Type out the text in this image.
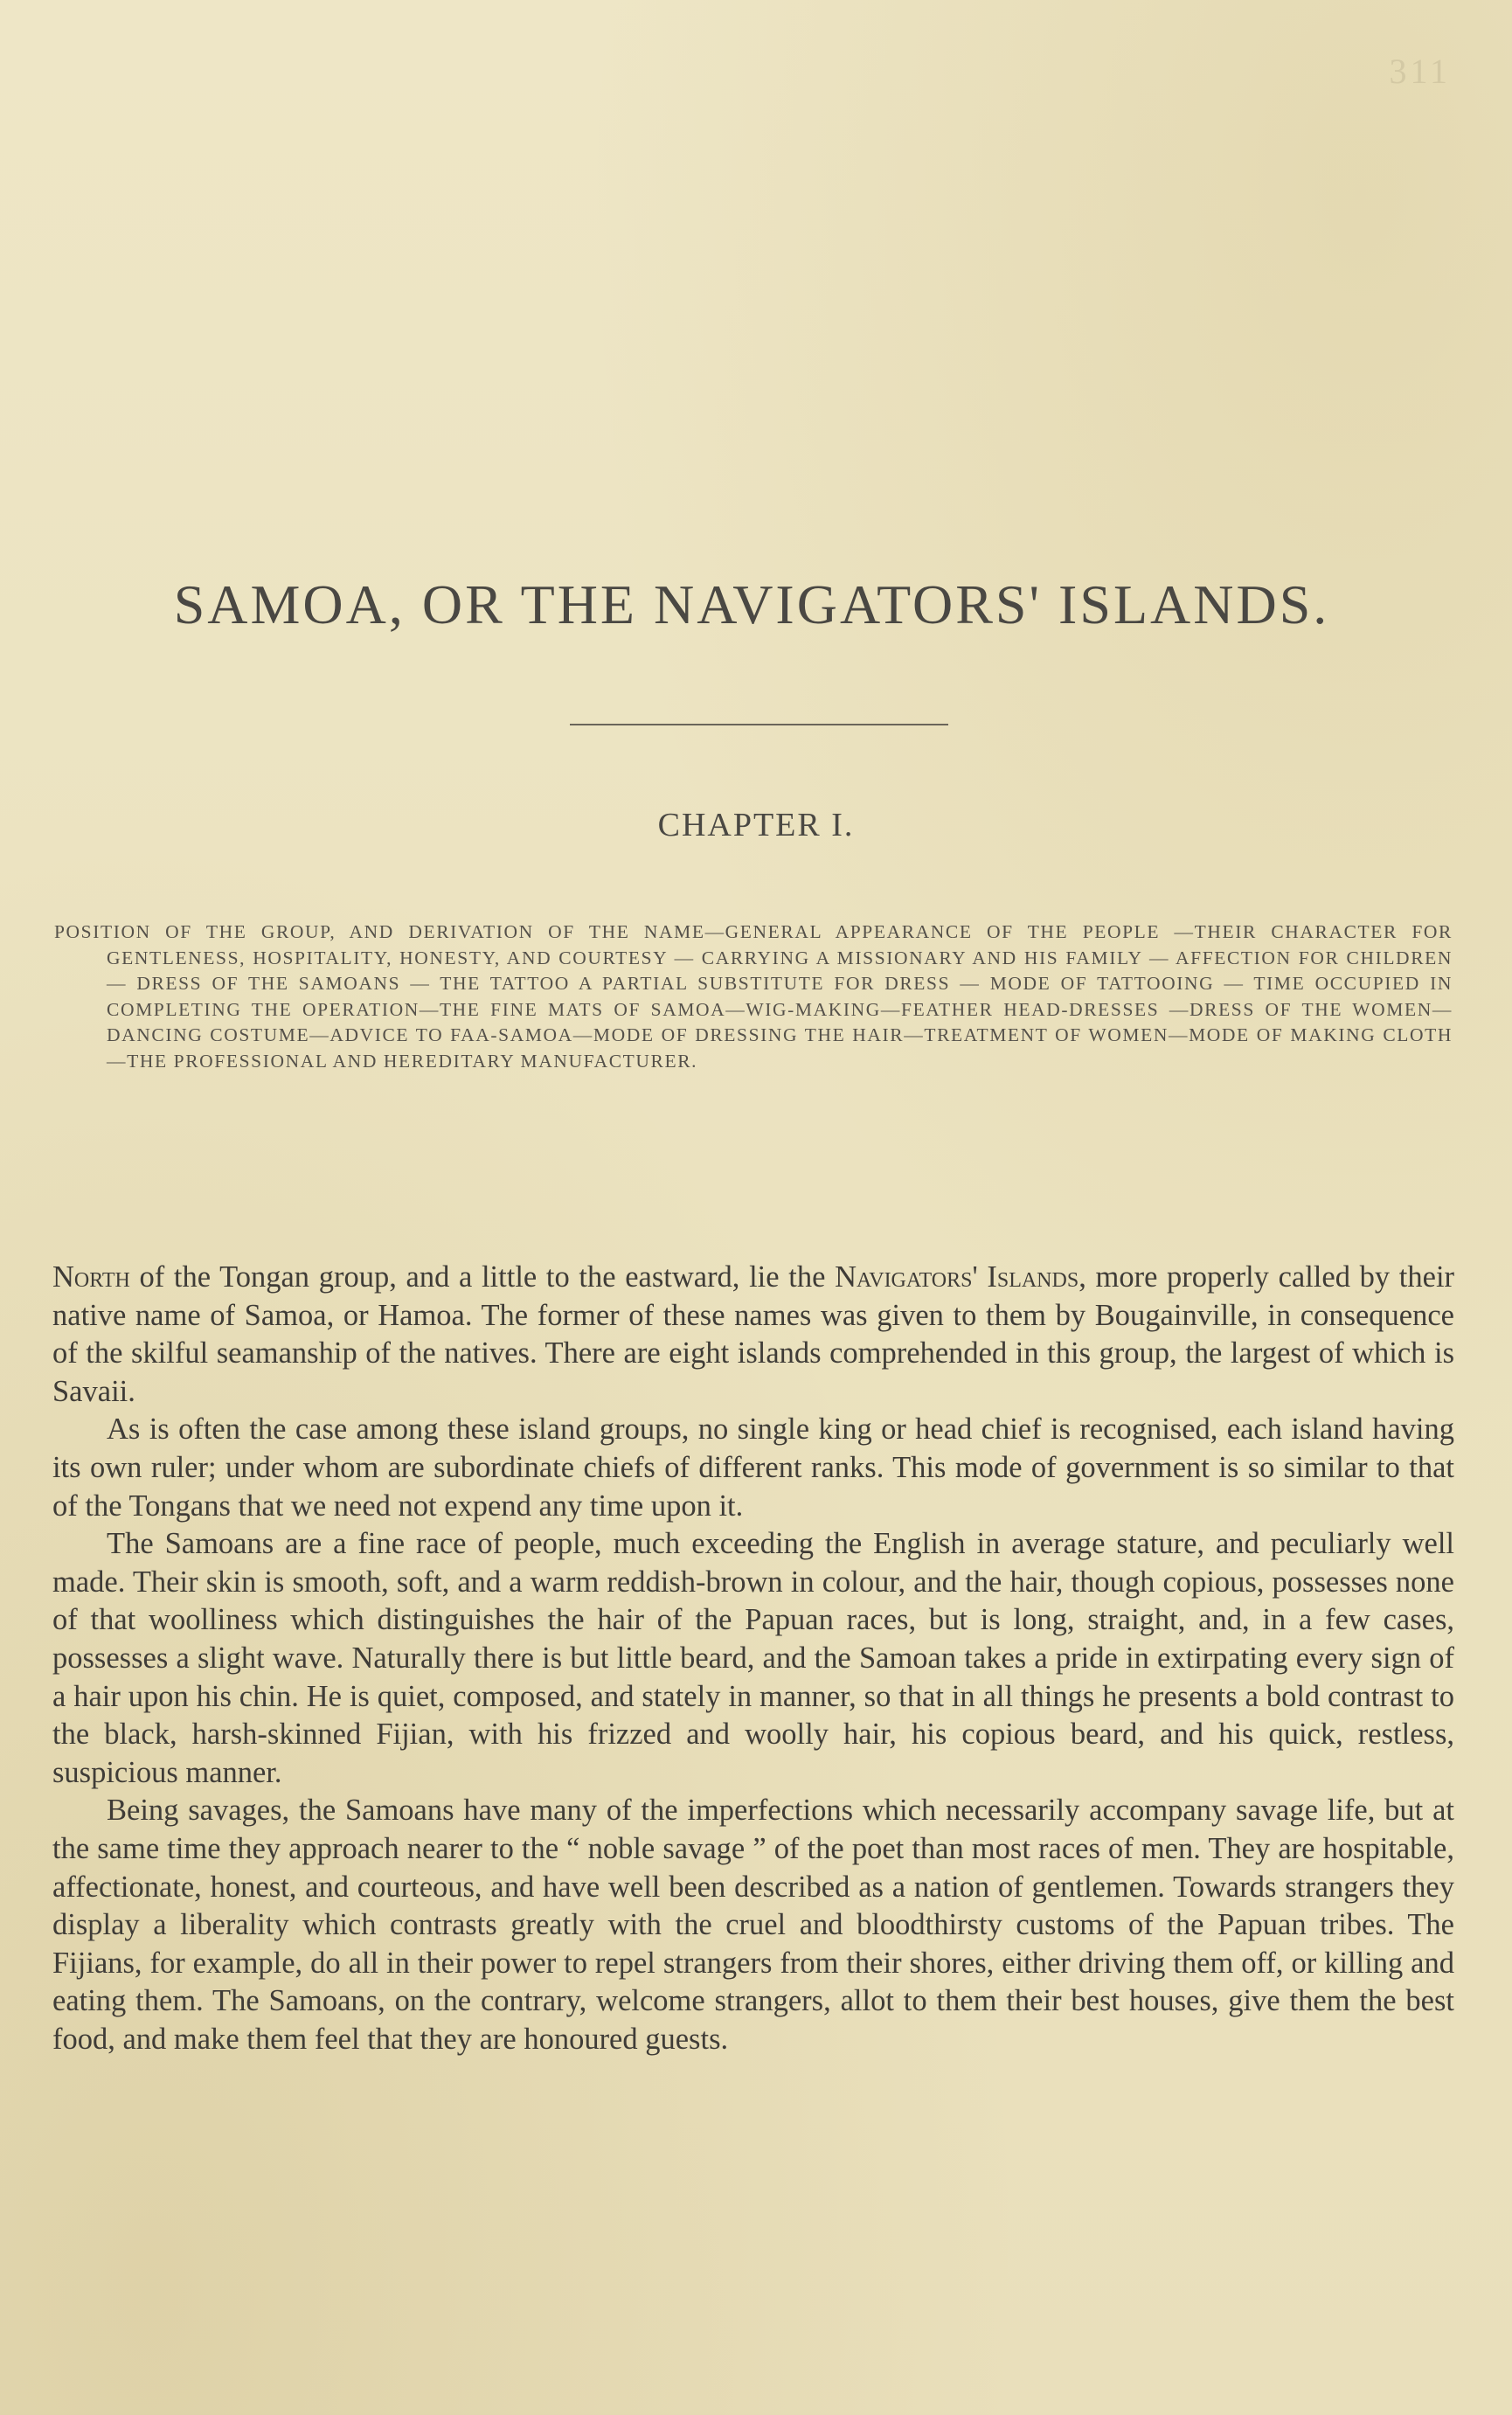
311
SAMOA, OR THE NAVIGATORS' ISLANDS.
CHAPTER I.
POSITION OF THE GROUP, AND DERIVATION OF THE NAME—GENERAL APPEARANCE OF THE PEOPLE —THEIR CHARACTER FOR GENTLENESS, HOSPITALITY, HONESTY, AND COURTESY — CARRYING A MISSIONARY AND HIS FAMILY — AFFECTION FOR CHILDREN — DRESS OF THE SAMOANS — THE TATTOO A PARTIAL SUBSTITUTE FOR DRESS — MODE OF TATTOOING — TIME OCCUPIED IN COMPLETING THE OPERATION—THE FINE MATS OF SAMOA—WIG-MAKING—FEATHER HEAD-DRESSES —DRESS OF THE WOMEN—DANCING COSTUME—ADVICE TO FAA-SAMOA—MODE OF DRESSING THE HAIR—TREATMENT OF WOMEN—MODE OF MAKING CLOTH—THE PROFESSIONAL AND HEREDITARY MANUFACTURER.

North of the Tongan group, and a little to the eastward, lie the Navigators' Islands, more properly called by their native name of Samoa, or Hamoa. The former of these names was given to them by Bougainville, in consequence of the skilful seamanship of the natives. There are eight islands comprehended in this group, the largest of which is Savaii.

As is often the case among these island groups, no single king or head chief is recognised, each island having its own ruler; under whom are subordinate chiefs of different ranks. This mode of government is so similar to that of the Tongans that we need not expend any time upon it.

The Samoans are a fine race of people, much exceeding the English in average stature, and peculiarly well made. Their skin is smooth, soft, and a warm reddish-brown in colour, and the hair, though copious, possesses none of that woolliness which distinguishes the hair of the Papuan races, but is long, straight, and, in a few cases, possesses a slight wave. Naturally there is but little beard, and the Samoan takes a pride in extirpating every sign of a hair upon his chin. He is quiet, composed, and stately in manner, so that in all things he presents a bold contrast to the black, harsh-skinned Fijian, with his frizzed and woolly hair, his copious beard, and his quick, restless, suspicious manner.

Being savages, the Samoans have many of the imperfections which necessarily accompany savage life, but at the same time they approach nearer to the “ noble savage ” of the poet than most races of men. They are hospitable, affectionate, honest, and courteous, and have well been described as a nation of gentlemen. Towards strangers they display a liberality which contrasts greatly with the cruel and bloodthirsty customs of the Papuan tribes. The Fijians, for example, do all in their power to repel strangers from their shores, either driving them off, or killing and eating them. The Samoans, on the contrary, welcome strangers, allot to them their best houses, give them the best food, and make them feel that they are honoured guests.
